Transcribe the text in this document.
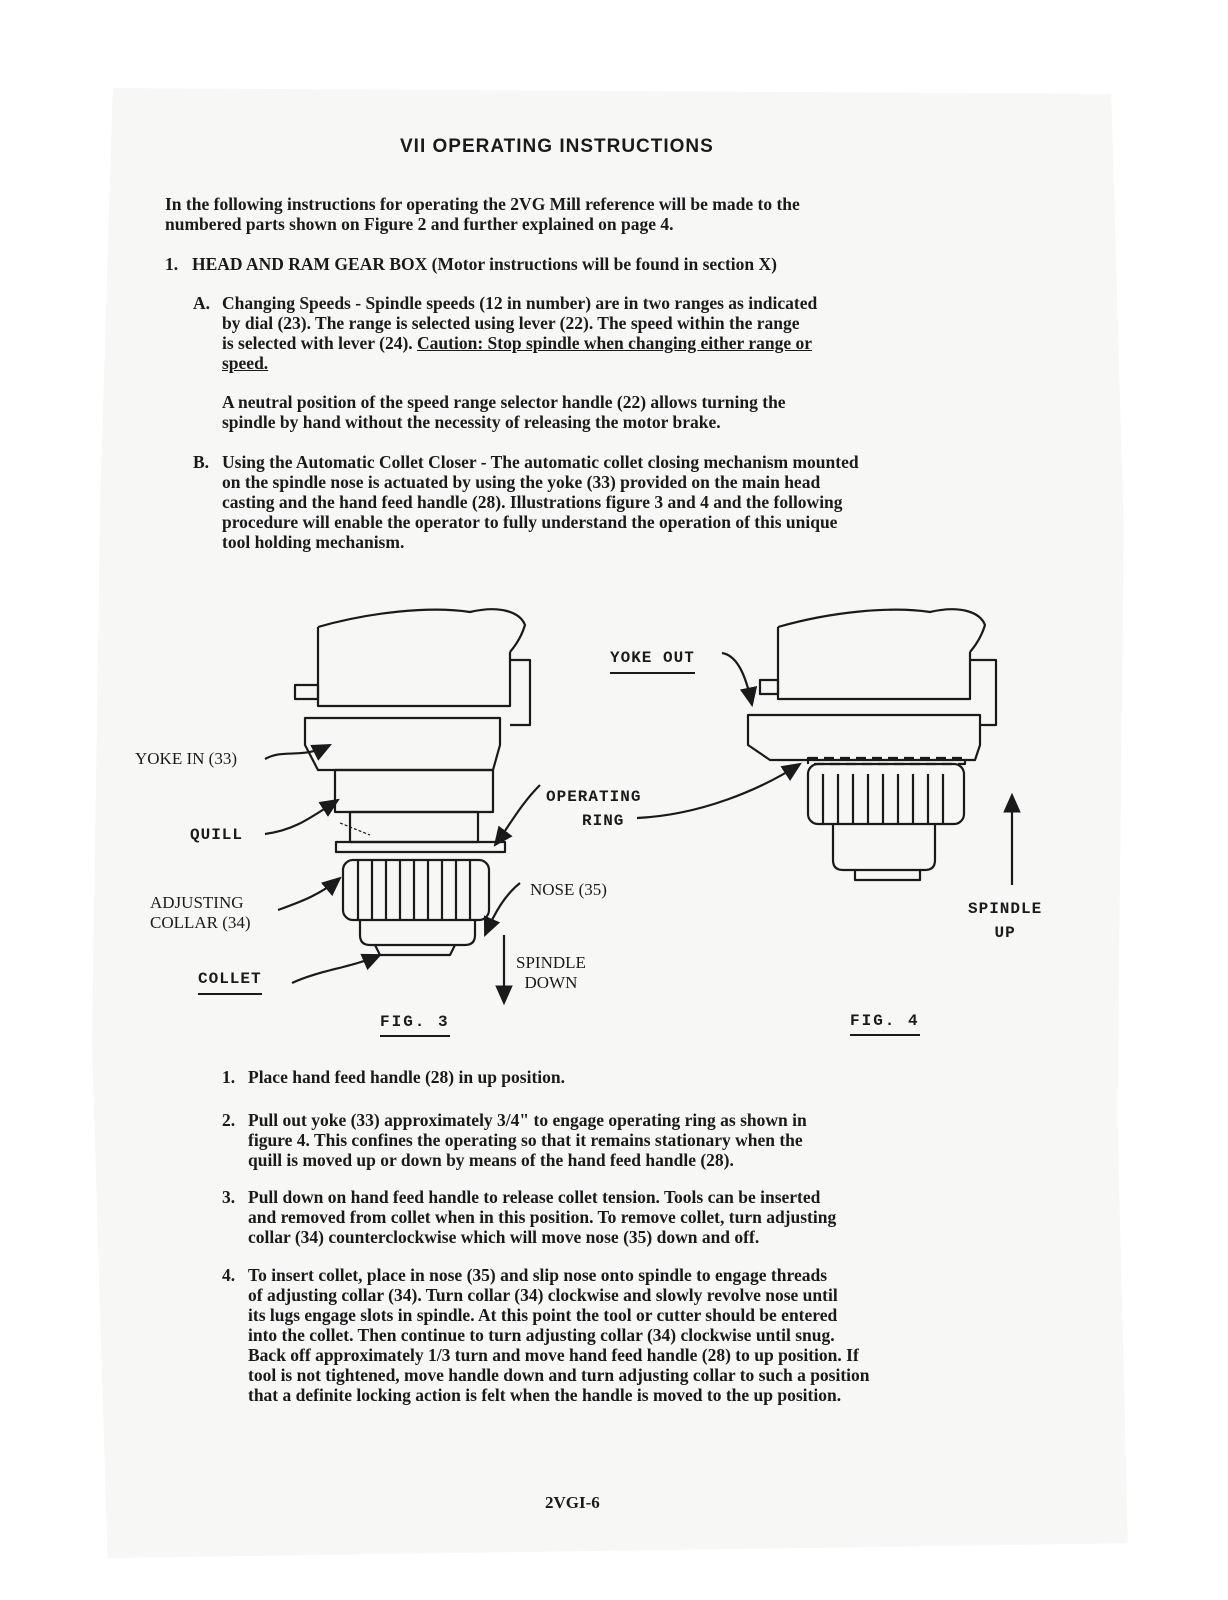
VII OPERATING INSTRUCTIONS

In the following instructions for operating the 2VG Mill reference will be made to the

numbered parts shown on Figure 2 and further explained on page 4.

1. HEAD AND RAM GEAR BOX (Motor instructions will be found in section X)
A. Changing Speeds - Spindle speeds (12 in number) are in two ranges as indicated

by dial (23). The range is selected using lever (22). The speed within the range

is selected with lever (24). Caution: Stop spindle when changing either range or

speed.

A neutral position of the speed range selector handle (22) allows turning the

spindle by hand without the necessity of releasing the motor brake.

B. Using the Automatic Collet Closer - The automatic collet closing mechanism mounted

on the spindle nose is actuated by using the yoke (33) provided on the main head

casting and the hand feed handle (28). Illustrations figure 3 and 4 and the following

procedure will enable the operator to fully understand the operation of this unique

tool holding mechanism.

YOKE IN (33)
QUILL
ADJUSTING
COLLAR (34)
COLLET
OPERATING
RING
NOSE (35)
SPINDLE
DOWN
FIG. 3
YOKE OUT
SPINDLE
UP
FIG. 4
1. Place hand feed handle (28) in up position.

2. Pull out yoke (33) approximately 3/4" to engage operating ring as shown in

figure 4. This confines the operating so that it remains stationary when the

quill is moved up or down by means of the hand feed handle (28).

3. Pull down on hand feed handle to release collet tension. Tools can be inserted

and removed from collet when in this position. To remove collet, turn adjusting

collar (34) counterclockwise which will move nose (35) down and off.

4. To insert collet, place in nose (35) and slip nose onto spindle to engage threads

of adjusting collar (34). Turn collar (34) clockwise and slowly revolve nose until

its lugs engage slots in spindle. At this point the tool or cutter should be entered

into the collet. Then continue to turn adjusting collar (34) clockwise until snug.

Back off approximately 1/3 turn and move hand feed handle (28) to up position. If

tool is not tightened, move handle down and turn adjusting collar to such a position

that a definite locking action is felt when the handle is moved to the up position.

2VGI-6
